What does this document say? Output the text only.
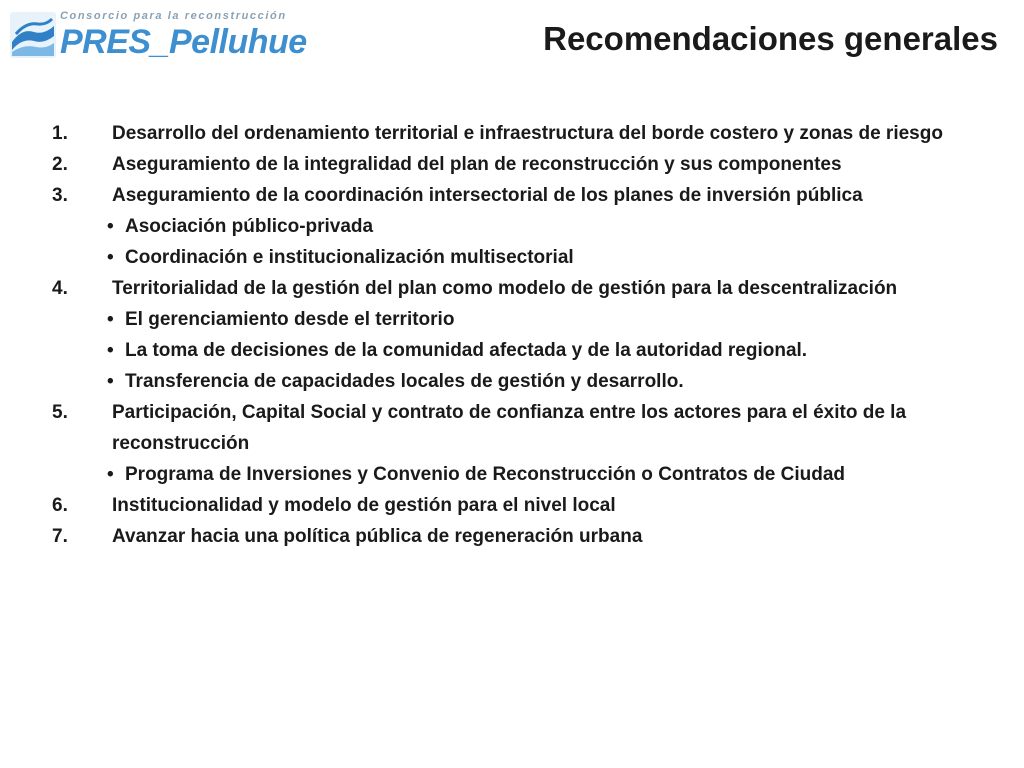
Consorcio para la reconstrucción
PRES_Pelluhue	Recomendaciones generales
1.	Desarrollo del ordenamiento territorial e infraestructura del borde costero y zonas de riesgo
2.	Aseguramiento de la integralidad del plan de reconstrucción y sus componentes
3.	Aseguramiento de la coordinación intersectorial de los planes de inversión pública
• Asociación público-privada
• Coordinación e institucionalización multisectorial
4.	Territorialidad de la gestión del plan como modelo de gestión para la descentralización
• El gerenciamiento desde el territorio
• La toma de decisiones de la comunidad afectada y de la autoridad regional.
• Transferencia de capacidades locales de gestión y desarrollo.
5.	Participación, Capital Social y contrato de confianza entre los actores para el éxito de la reconstrucción
• Programa de Inversiones y Convenio de Reconstrucción o Contratos de Ciudad
6.	Institucionalidad y modelo de gestión para el nivel local
7.	Avanzar hacia una política pública de regeneración urbana
